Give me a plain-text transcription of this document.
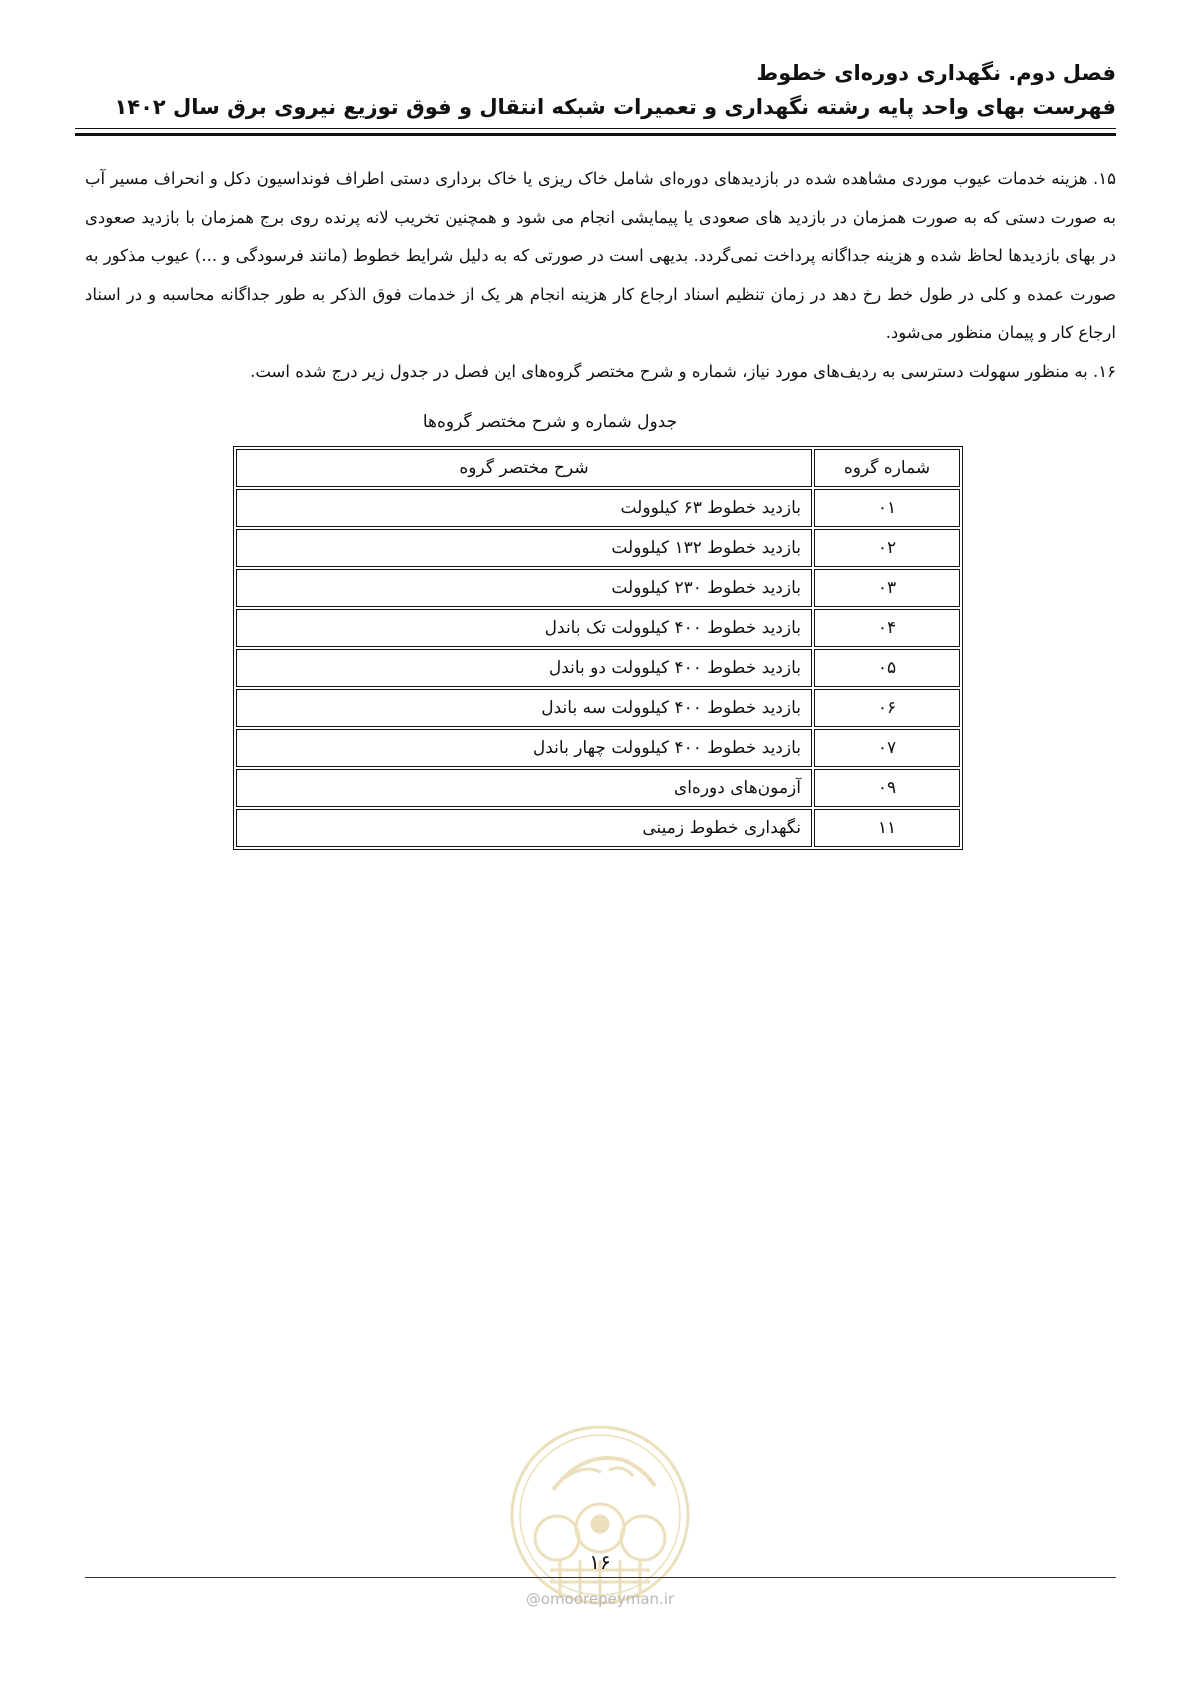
فصل دوم. نگهداری دوره‌ای خطوط
فهرست بهای واحد پایه رشته نگهداری و تعمیرات شبکه انتقال و فوق توزیع نیروی برق سال ۱۴۰۲

۱۵. هزینه خدمات عیوب موردی مشاهده شده در بازدیدهای دوره‌ای شامل خاک ریزی یا خاک برداری دستی اطراف فونداسیون دکل و انحراف مسیر آب به صورت دستی که به صورت همزمان در بازدید های صعودی یا پیمایشی انجام می شود و همچنین تخریب لانه پرنده روی برج همزمان با بازدید صعودی در بهای بازدیدها لحاظ شده و هزینه جداگانه پرداخت نمی‌گردد. بدیهی است در صورتی که به دلیل شرایط خطوط (مانند فرسودگی و ...) عیوب مذکور به صورت عمده و کلی در طول خط رخ دهد در زمان تنظیم اسناد ارجاع کار هزینه انجام هر یک از خدمات فوق الذکر به طور جداگانه محاسبه و در اسناد ارجاع کار و پیمان منظور می‌شود.

۱۶. به منظور سهولت دسترسی به ردیف‌های مورد نیاز، شماره و شرح مختصر گروه‌های این فصل در جدول زیر درج شده است.

جدول شماره و شرح مختصر گروه‌ها
شماره گروه	شرح مختصر گروه
۰۱	بازدید خطوط ۶۳ کیلوولت
۰۲	بازدید خطوط ۱۳۲ کیلوولت
۰۳	بازدید خطوط ۲۳۰ کیلوولت
۰۴	بازدید خطوط ۴۰۰ کیلوولت تک باندل
۰۵	بازدید خطوط ۴۰۰ کیلوولت دو باندل
۰۶	بازدید خطوط ۴۰۰ کیلوولت سه باندل
۰۷	بازدید خطوط ۴۰۰ کیلوولت چهار باندل
۰۹	آزمون‌های دوره‌ای
۱۱	نگهداری خطوط زمینی
۱۶
@omoorepeyman.ir
